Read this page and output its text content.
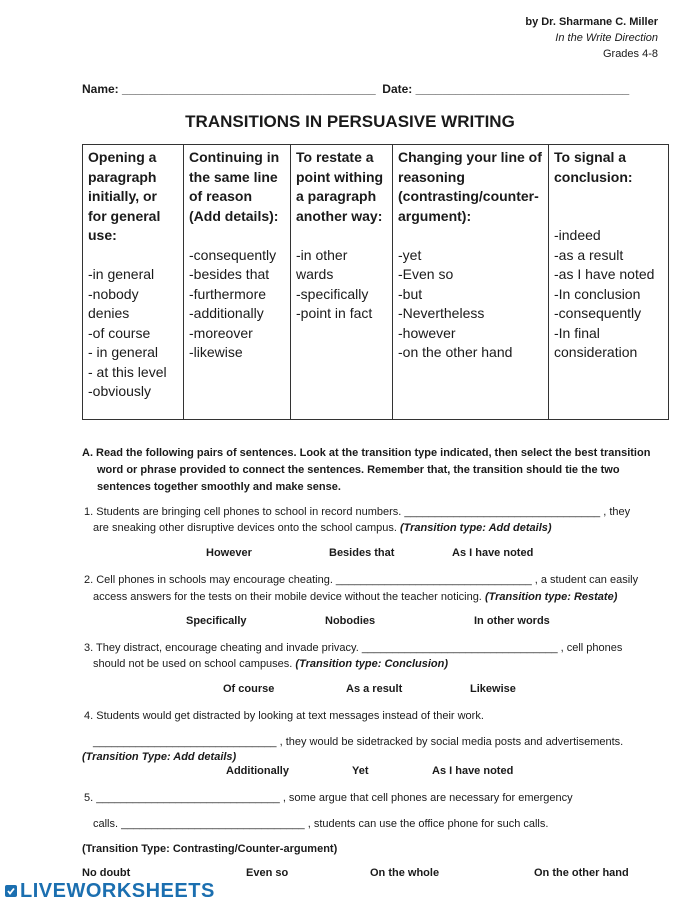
by Dr. Sharmane C. Miller
In the Write Direction
Grades 4-8
Name: ______________________________________  Date: ________________________________
TRANSITIONS IN PERSUASIVE WRITING
Opening a
paragraph
initially, or
for general
use:
-in general
-nobody
denies
-of course
- in general
- at this level
-obviously

Continuing in
the same line
of reason
(Add details):
-consequently
-besides that
-furthermore
-additionally
-moreover
-likewise

To restate a
point withing
a paragraph
another way:
-in other
wards
-specifically
-point in fact

Changing your line of
reasoning
(contrasting/counter-
argument):
-yet
-Even so
-but
-Nevertheless
-however
-on the other hand

To signal a
conclusion:
-indeed
-as a result
-as I have noted
-In conclusion
-consequently
-In final
consideration
A. Read the following pairs of sentences. Look at the transition type indicated, then select the best transition
word or phrase provided to connect the sentences. Remember that, the transition should tie the two
sentences together smoothly and make sense.
1. Students are bringing cell phones to school in record numbers. ________________________________ , they
are sneaking other disruptive devices onto the school campus. (Transition type: Add details)
However	Besides that	As I have noted
2. Cell phones in schools may encourage cheating. ________________________________ , a student can easily
access answers for the tests on their mobile device without the teacher noticing. (Transition type: Restate)
Specifically	Nobodies	In other words
3. They distract, encourage cheating and invade privacy. ________________________________ , cell phones
should not be used on school campuses. (Transition type: Conclusion)
Of course	As a result	Likewise
4. Students would get distracted by looking at text messages instead of their work.
______________________________ , they would be sidetracked by social media posts and advertisements.
(Transition Type: Add details)
Additionally	Yet	As I have noted
5. ______________________________ , some argue that cell phones are necessary for emergency
calls. ______________________________ , students can use the office phone for such calls.
(Transition Type: Contrasting/Counter-argument)
No doubt	Even so	On the whole	On the other hand
LIVEWORKSHEETS
